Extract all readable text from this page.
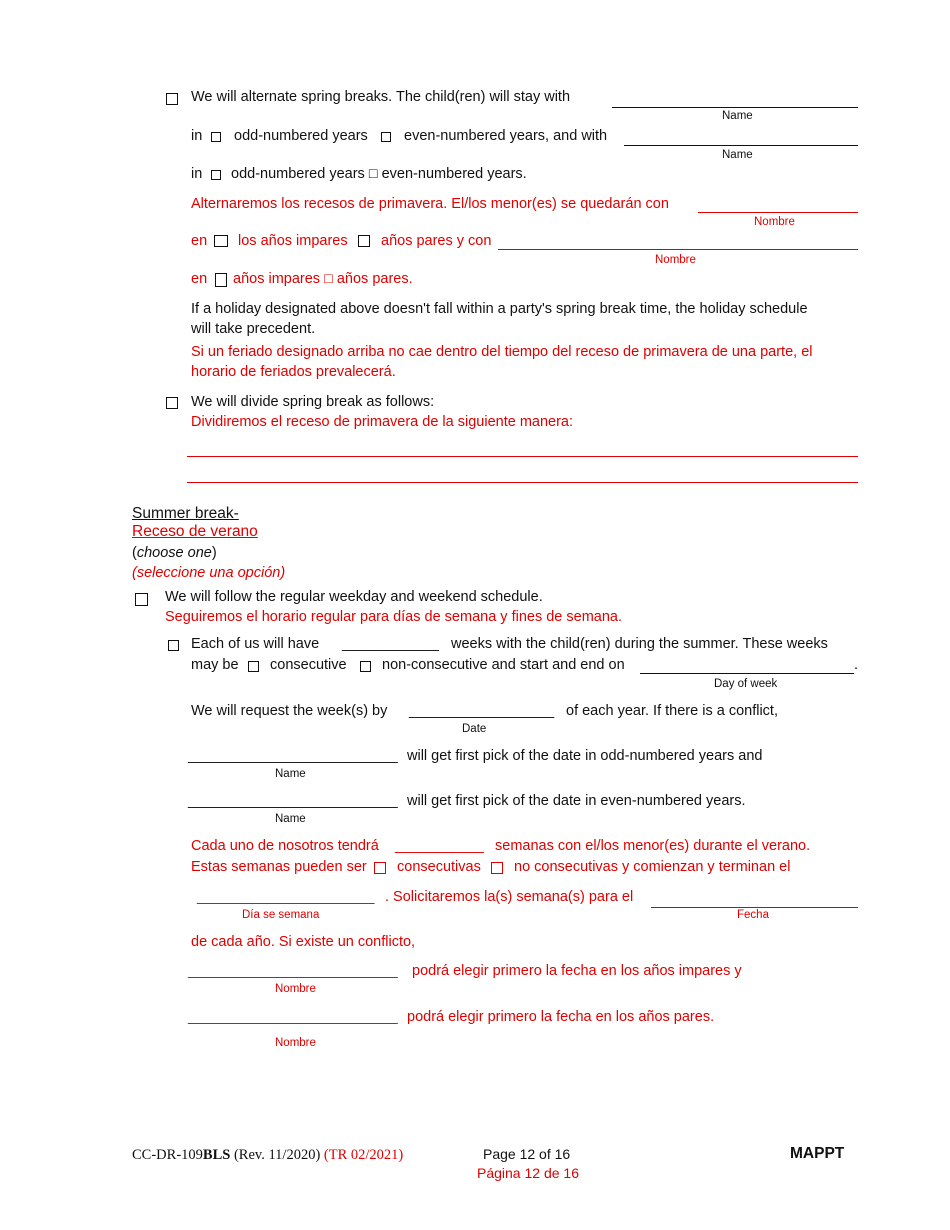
We will alternate spring breaks. The child(ren) will stay with
Name
in odd-numbered years even-numbered years, and with
Name
in odd-numbered years □ even-numbered years.
Alternaremos los recesos de primavera. El/los menor(es) se quedarán con
Nombre
en los años impares años pares y con
Nombre
en años impares □ años pares.
If a holiday designated above doesn't fall within a party's spring break time, the holiday schedule
will take precedent.
Si un feriado designado arriba no cae dentro del tiempo del receso de primavera de una parte, el
horario de feriados prevalecerá.
We will divide spring break as follows:
Dividiremos el receso de primavera de la siguiente manera:
Summer break-
Receso de verano
(choose one)
(seleccione una opción)
We will follow the regular weekday and weekend schedule.
Seguiremos el horario regular para días de semana y fines de semana.
Each of us will have ____________ weeks with the child(ren) during the summer. These weeks
may be consecutive non-consecutive and start and end on	.
Day of week
We will request the week(s) by __________________ of each year. If there is a conflict,
Date
__________________________ will get first pick of the date in odd-numbered years and
Name
__________________________ will get first pick of the date in even-numbered years.
Name
Cada uno de nosotros tendrá ___________ semanas con el/los menor(es) durante el verano.
Estas semanas pueden ser consecutivas no consecutivas y comienzan y terminan el
______________________ . Solicitaremos la(s) semana(s) para el
Día se semana	Fecha
de cada año. Si existe un conflicto,
__________________________ podrá elegir primero la fecha en los años impares y
Nombre
__________________________ podrá elegir primero la fecha en los años pares.
Nombre
CC-DR-109BLS (Rev. 11/2020) (TR 02/2021)	Page 12 of 16
Página 12 de 16
MAPPT
